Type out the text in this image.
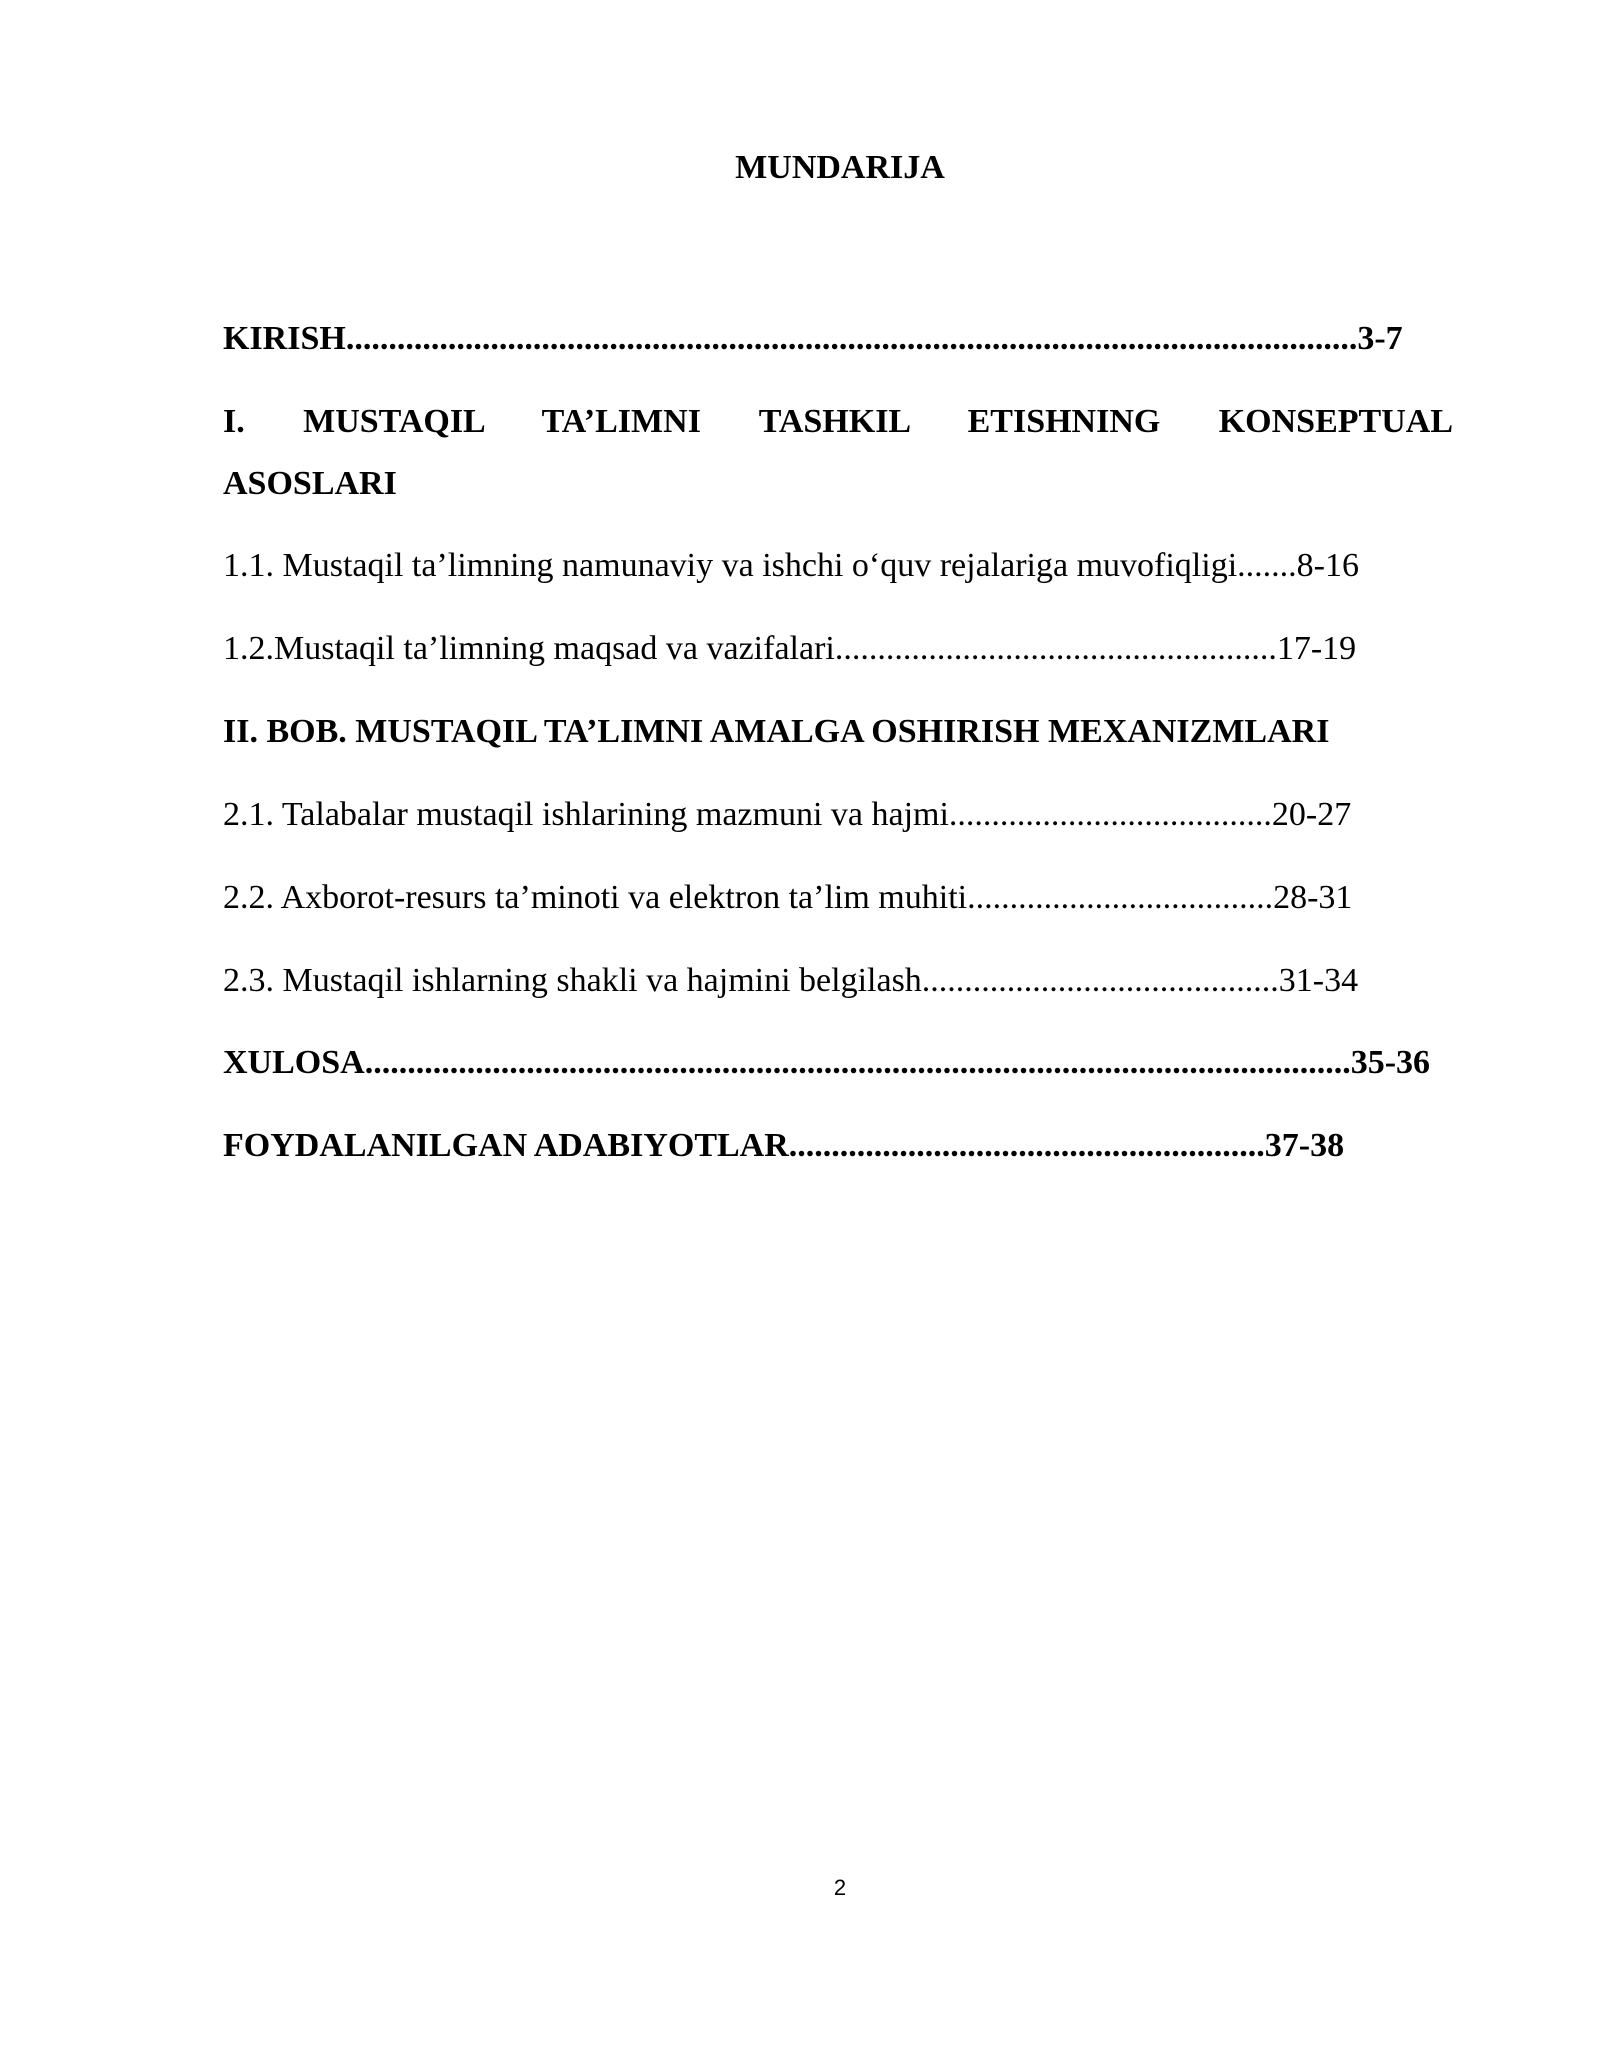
MUNDARIJA
KIRISH.......................................................................................................................3-7
I. MUSTAQIL TA’LIMNI TASHKIL ETISHNING KONSEPTUAL
ASOSLARI
1.1. Mustaqil ta’limning namunaviy va ishchi o‘quv rejalariga muvofiqligi.......8-16
1.2.Mustaqil ta’limning maqsad va vazifalari....................................................17-19
II. BOB. MUSTAQIL TA’LIMNI AMALGA OSHIRISH MEXANIZMLARI
2.1. Talabalar mustaqil ishlarining mazmuni va hajmi......................................20-27
2.2. Axborot-resurs ta’minoti va elektron ta’lim muhiti....................................28-31
2.3. Mustaqil ishlarning shakli va hajmini belgilash..........................................31-34
XULOSA....................................................................................................................35-36
FOYDALANILGAN ADABIYOTLAR........................................................37-38
2
